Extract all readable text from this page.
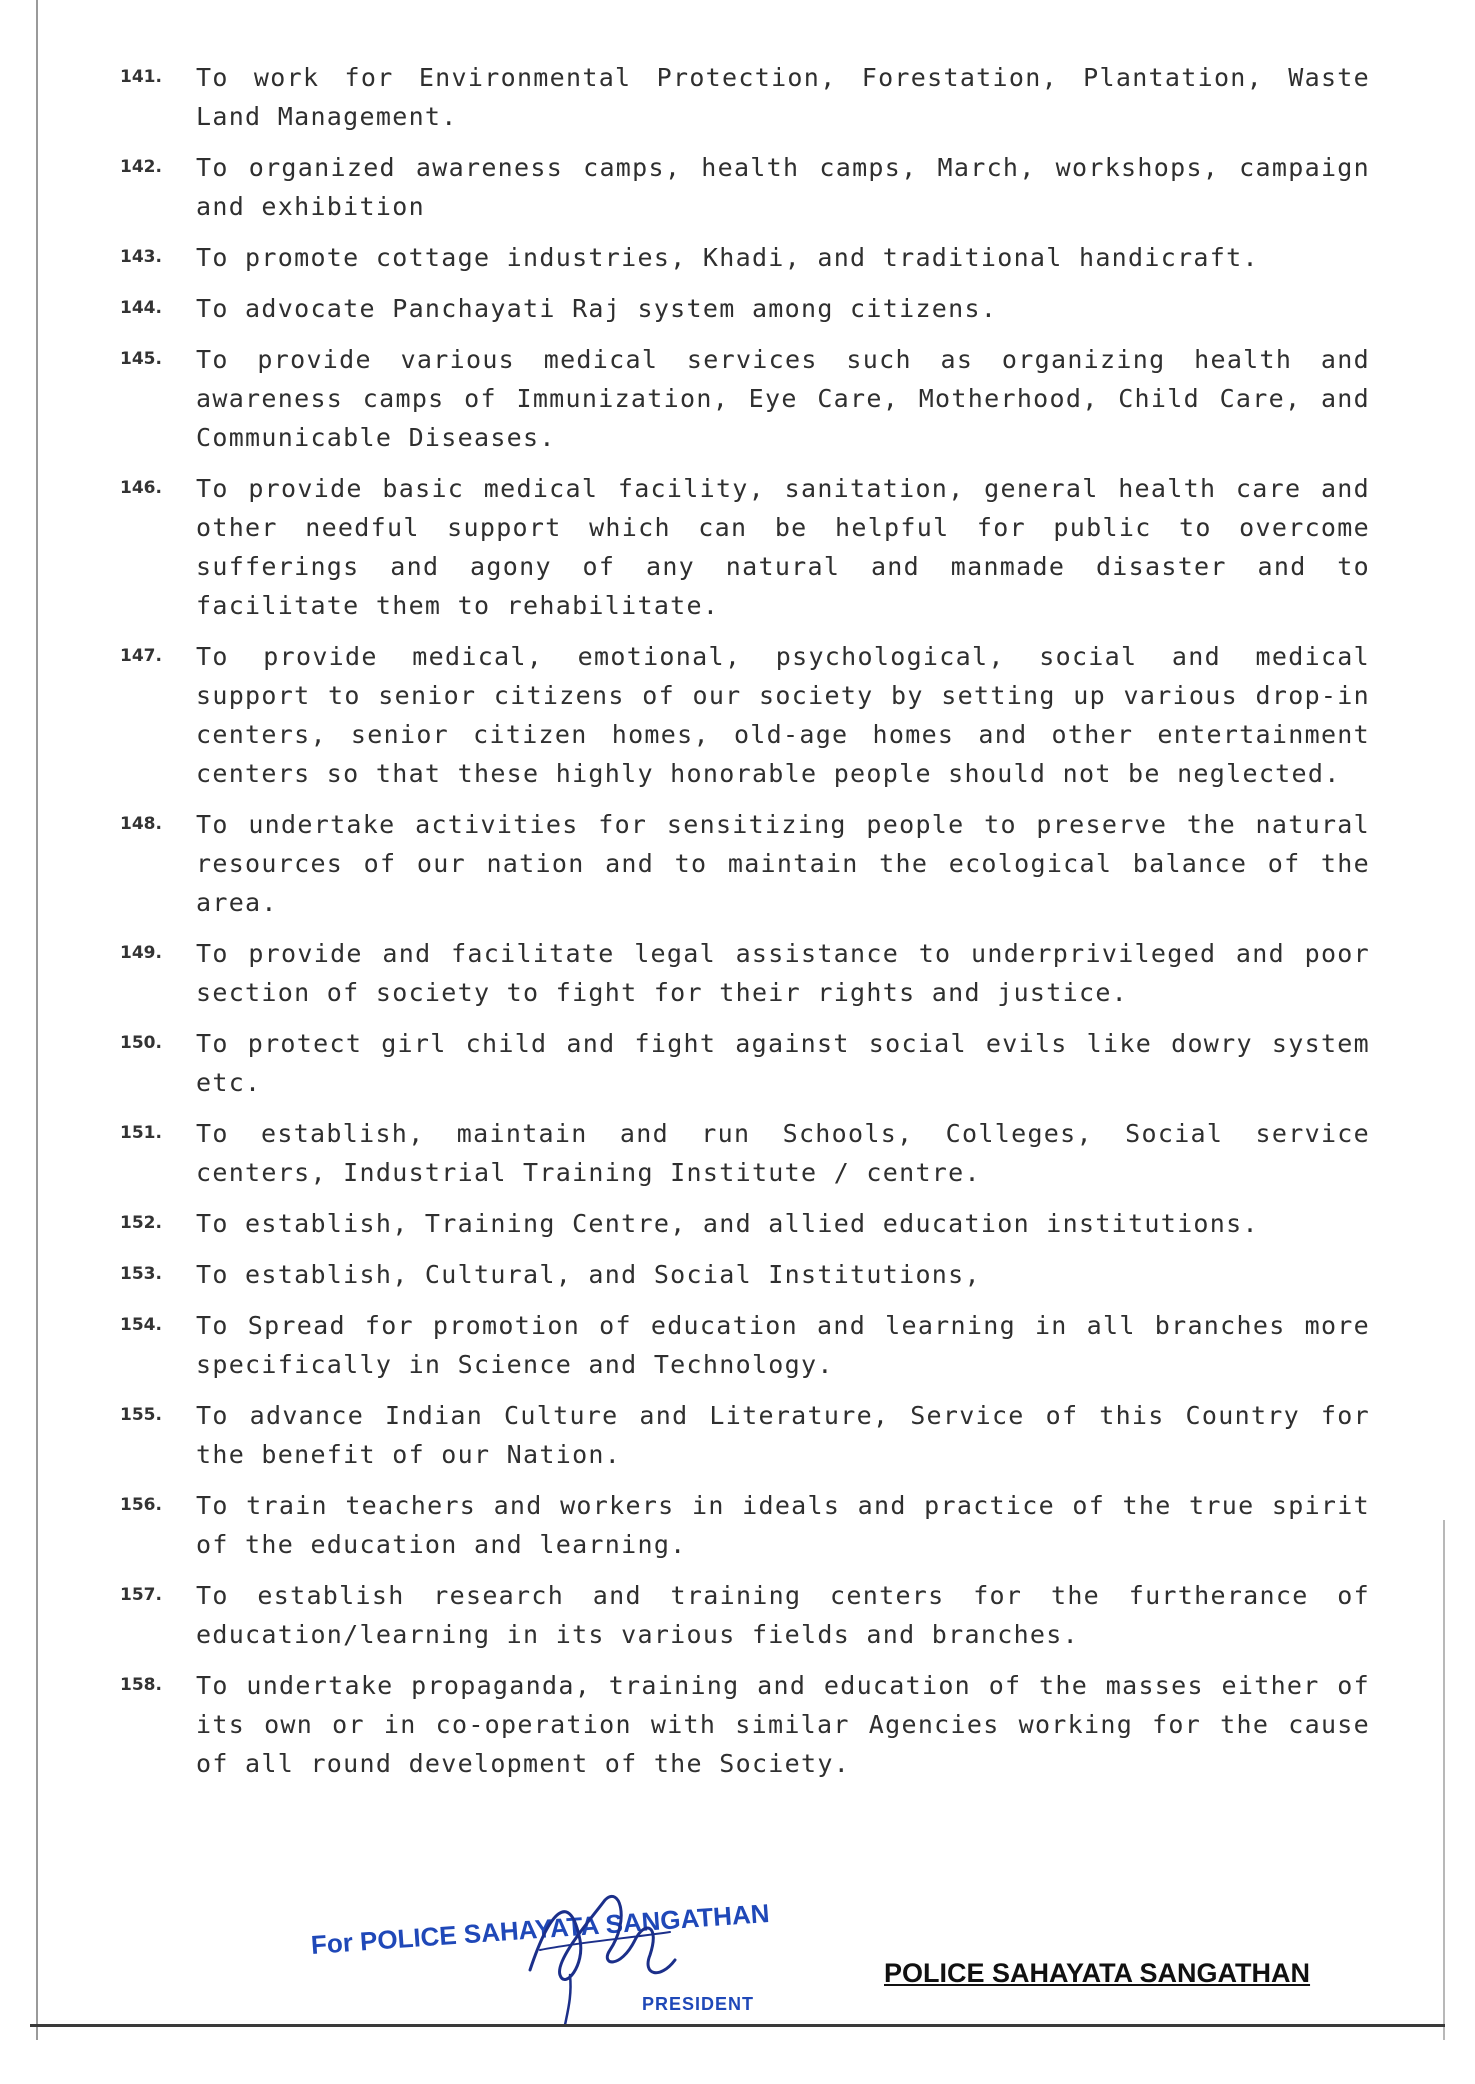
141.	To work for Environmental Protection, Forestation, Plantation, Waste Land Management.
142.	To organized awareness camps, health camps, March, workshops, campaign and exhibition
143.	To promote cottage industries, Khadi, and traditional handicraft.
144.	To advocate Panchayati Raj system among citizens.
145.	To provide various medical services such as organizing health and awareness camps of Immunization, Eye Care, Motherhood, Child Care, and Communicable Diseases.
146.	To provide basic medical facility, sanitation, general health care and other needful support which can be helpful for public to overcome sufferings and agony of any natural and manmade disaster and to facilitate them to rehabilitate.
147.	To provide medical, emotional, psychological, social and medical support to senior citizens of our society by setting up various drop-in centers, senior citizen homes, old-age homes and other entertainment centers so that these highly honorable people should not be neglected.
148.	To undertake activities for sensitizing people to preserve the natural resources of our nation and to maintain the ecological balance of the area.
149.	To provide and facilitate legal assistance to underprivileged and poor section of society to fight for their rights and justice.
150.	To protect girl child and fight against social evils like dowry system etc.
151.	To establish, maintain and run Schools, Colleges, Social service centers, Industrial Training Institute / centre.
152.	To establish, Training Centre, and allied education institutions.
153.	To establish, Cultural, and Social Institutions,
154.	To Spread for promotion of education and learning in all branches more specifically in Science and Technology.
155.	To advance Indian Culture and Literature, Service of this Country for the benefit of our Nation.
156.	To train teachers and workers in ideals and practice of the true spirit of the education and learning.
157.	To establish research and training centers for the furtherance of education/learning in its various fields and branches.
158.	To undertake propaganda, training and education of the masses either of its own or in co-operation with similar Agencies working for the cause of all round development of the Society.
For POLICE SAHAYATA SANGATHAN
PRESIDENT
POLICE SAHAYATA SANGATHAN
